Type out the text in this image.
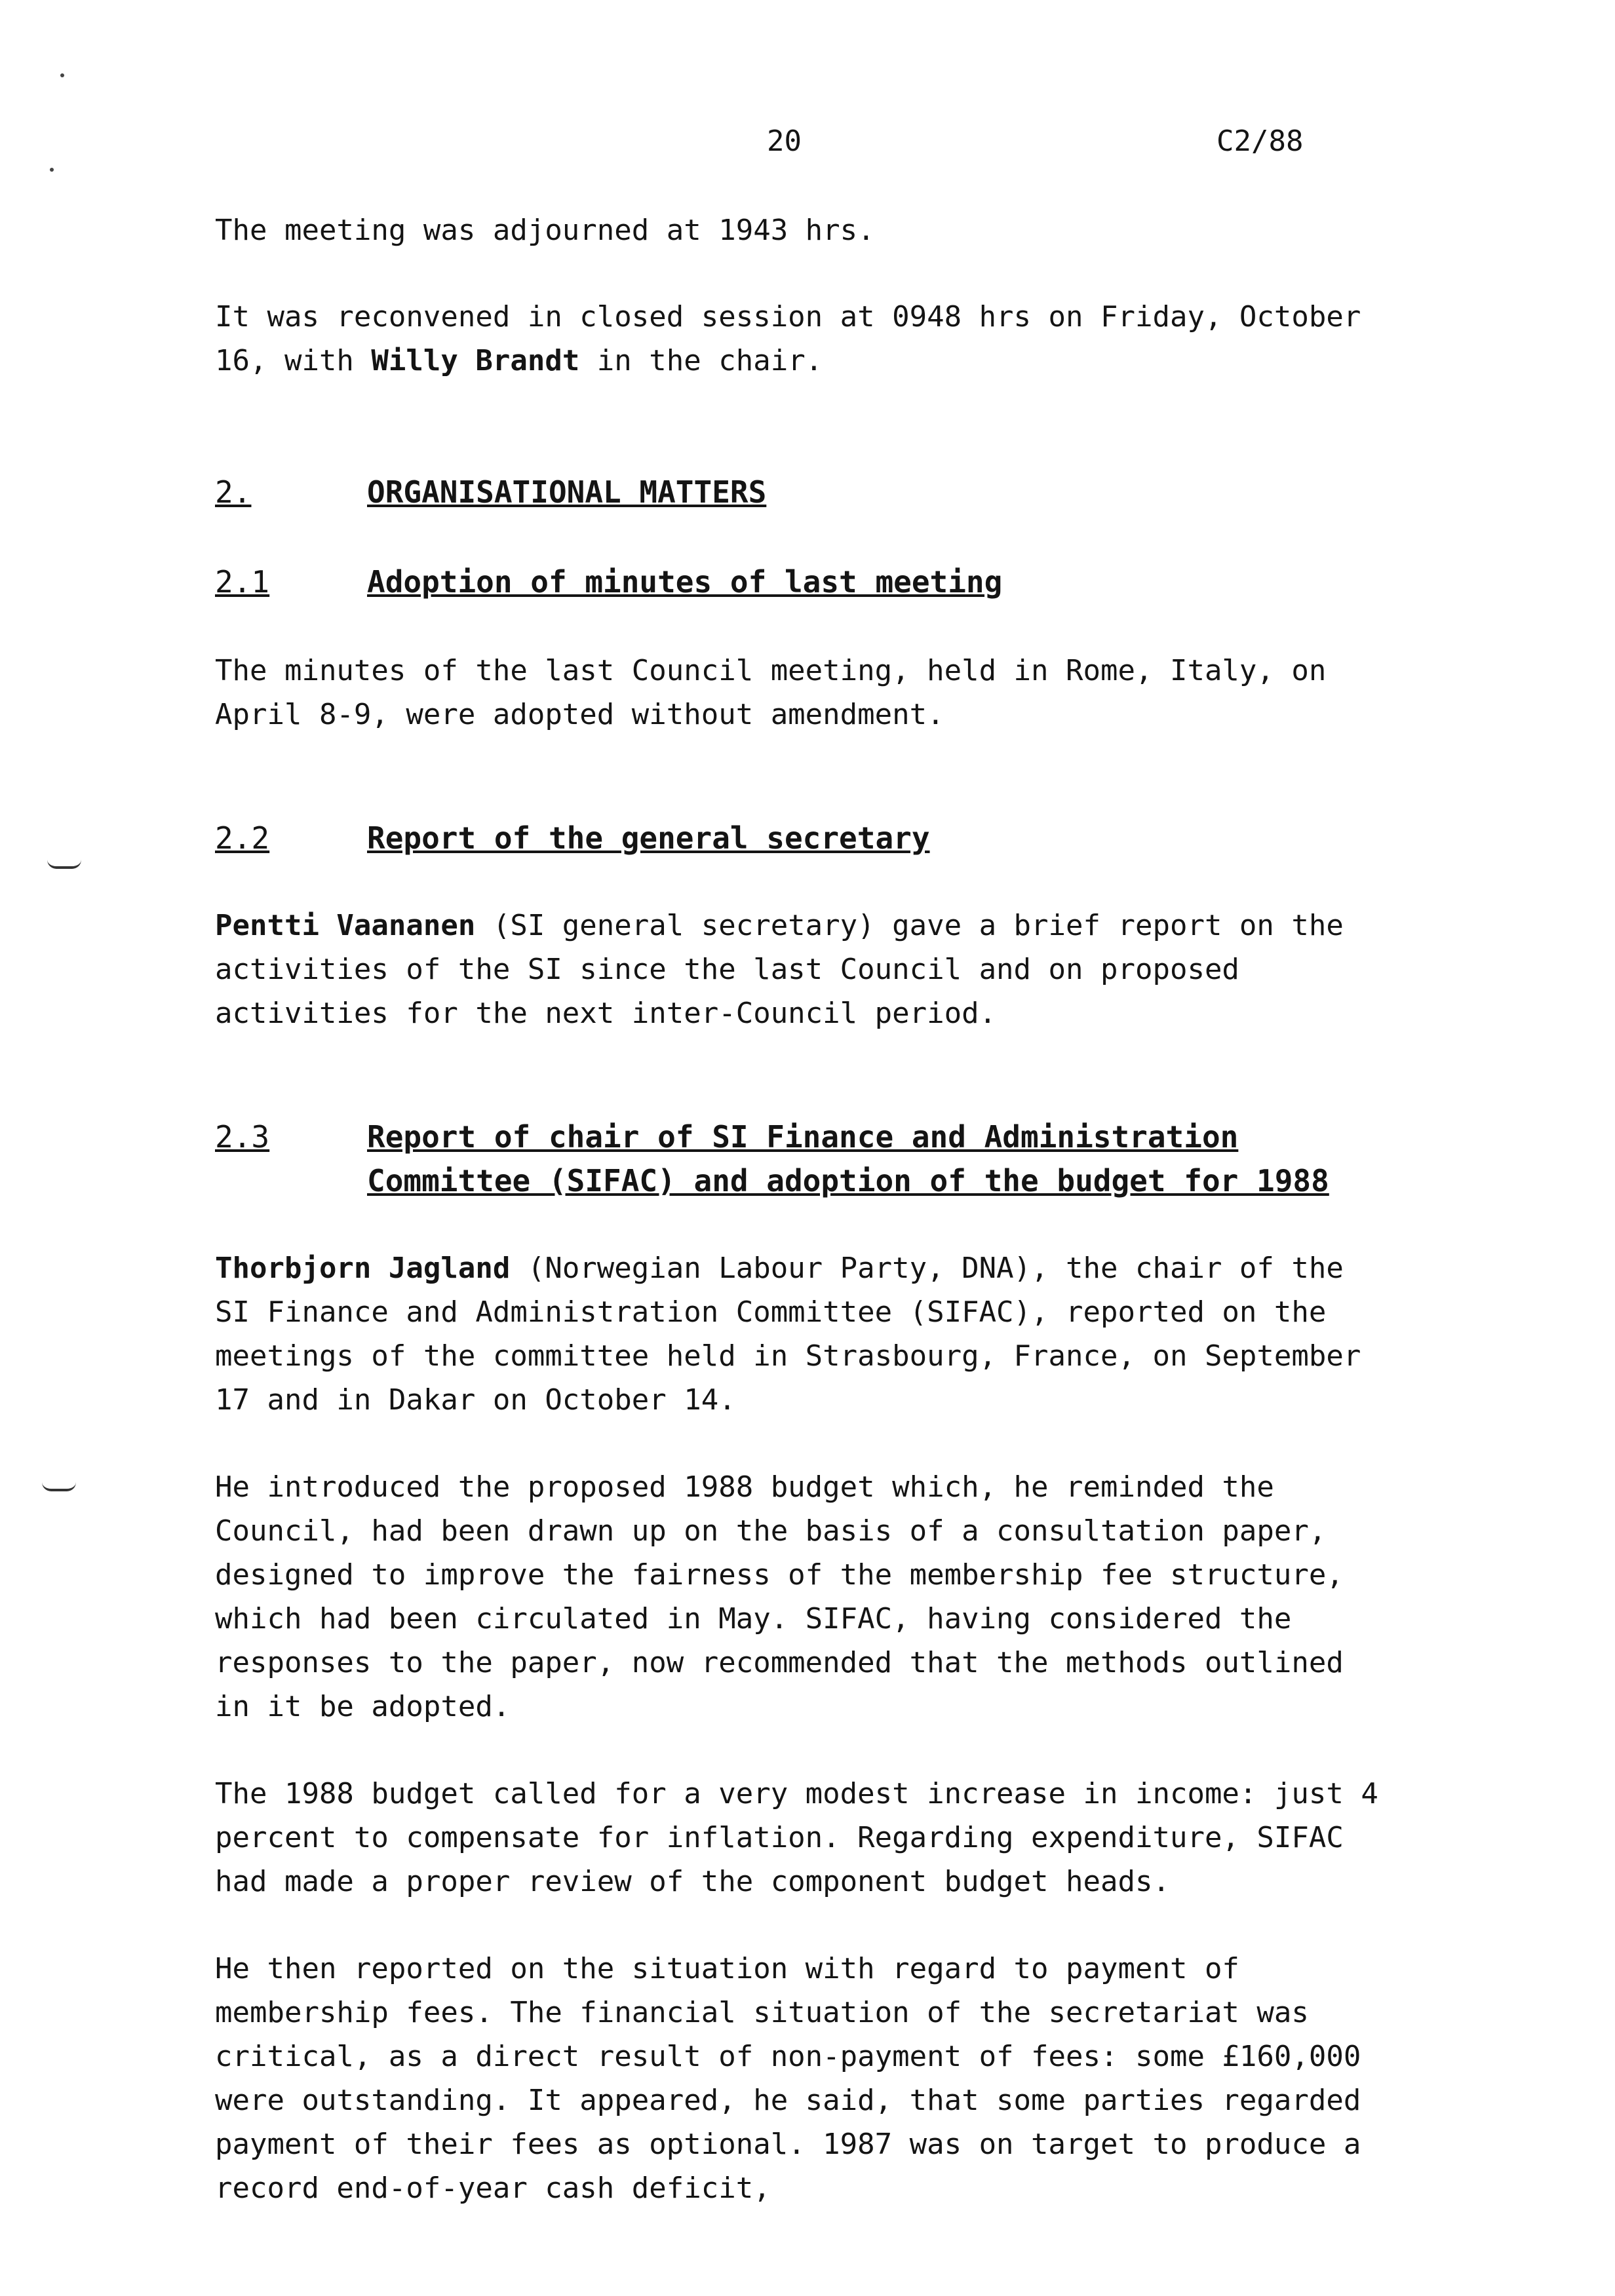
20	C2/88

The meeting was adjourned at 1943 hrs.

It was reconvened in closed session at 0948 hrs on Friday, October 16, with Willy Brandt in the chair.

2.	ORGANISATIONAL MATTERS
2.1	Adoption of minutes of last meeting

The minutes of the last Council meeting, held in Rome, Italy, on April 8-9, were adopted without amendment.

2.2	Report of the general secretary

Pentti Vaananen (SI general secretary) gave a brief report on the activities of the SI since the last Council and on proposed activities for the next inter-Council period.

2.3	Report of chair of SI Finance and Administration
Committee (SIFAC) and adoption of the budget for 1988

Thorbjorn Jagland (Norwegian Labour Party, DNA), the chair of the SI Finance and Administration Committee (SIFAC), reported on the meetings of the committee held in Strasbourg, France, on September 17 and in Dakar on October 14.

He introduced the proposed 1988 budget which, he reminded the Council, had been drawn up on the basis of a consultation paper, designed to improve the fairness of the membership fee structure, which had been circulated in May. SIFAC, having considered the responses to the paper, now recommended that the methods outlined in it be adopted.

The 1988 budget called for a very modest increase in income: just 4 percent to compensate for inflation. Regarding expenditure, SIFAC had made a proper review of the component budget heads.

He then reported on the situation with regard to payment of membership fees. The financial situation of the secretariat was critical, as a direct result of non-payment of fees: some £160,000 were outstanding. It appeared, he said, that some parties regarded payment of their fees as optional. 1987 was on target to produce a record end-of-year cash deficit,
